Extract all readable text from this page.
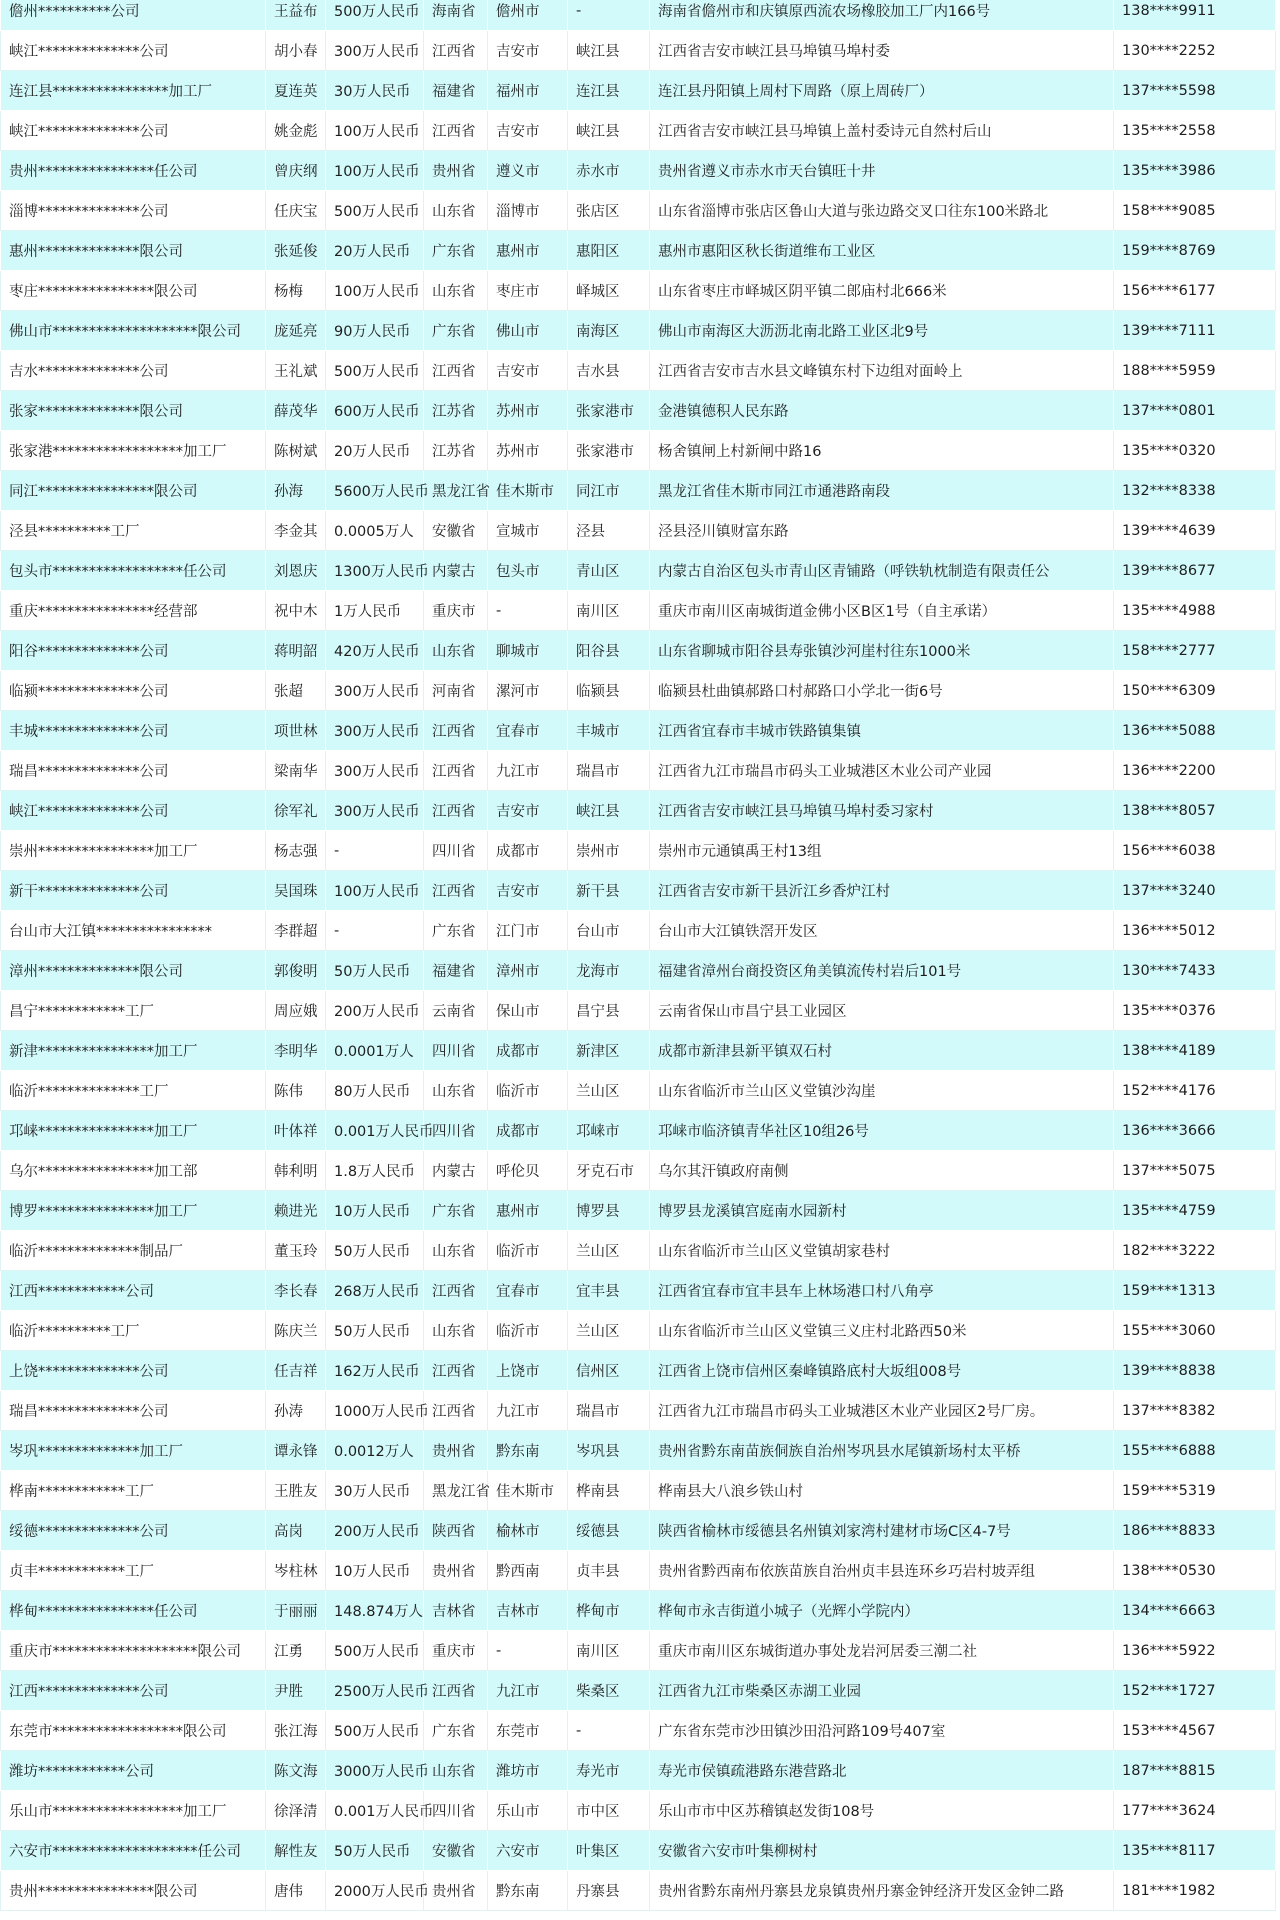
儋州**********公司	王益布	500万人民币	海南省	儋州市	-	海南省儋州市和庆镇原西流农场橡胶加工厂内166号	138****9911
峡江**************公司	胡小春	300万人民币	江西省	吉安市	峡江县	江西省吉安市峡江县马埠镇马埠村委	130****2252
连江县****************加工厂	夏连英	30万人民币	福建省	福州市	连江县	连江县丹阳镇上周村下周路（原上周砖厂）	137****5598
峡江**************公司	姚金彪	100万人民币	江西省	吉安市	峡江县	江西省吉安市峡江县马埠镇上盖村委诗元自然村后山	135****2558
贵州****************任公司	曾庆纲	100万人民币	贵州省	遵义市	赤水市	贵州省遵义市赤水市天台镇旺十井	135****3986
淄博**************公司	任庆宝	500万人民币	山东省	淄博市	张店区	山东省淄博市张店区鲁山大道与张边路交叉口往东100米路北	158****9085
惠州**************限公司	张延俊	20万人民币	广东省	惠州市	惠阳区	惠州市惠阳区秋长街道维布工业区	159****8769
枣庄****************限公司	杨梅	100万人民币	山东省	枣庄市	峄城区	山东省枣庄市峄城区阴平镇二郎庙村北666米	156****6177
佛山市********************限公司	庞延亮	90万人民币	广东省	佛山市	南海区	佛山市南海区大沥沥北南北路工业区北9号	139****7111
吉水**************公司	王礼斌	500万人民币	江西省	吉安市	吉水县	江西省吉安市吉水县文峰镇东村下边组对面岭上	188****5959
张家**************限公司	薛茂华	600万人民币	江苏省	苏州市	张家港市	金港镇德积人民东路	137****0801
张家港******************加工厂	陈树斌	20万人民币	江苏省	苏州市	张家港市	杨舍镇闸上村新闸中路16	135****0320
同江****************限公司	孙海	5600万人民币	黑龙江省	佳木斯市	同江市	黑龙江省佳木斯市同江市通港路南段	132****8338
泾县**********工厂	李金其	0.0005万人	安徽省	宣城市	泾县	泾县泾川镇财富东路	139****4639
包头市******************任公司	刘恩庆	1300万人民币	内蒙古	包头市	青山区	内蒙古自治区包头市青山区青铺路（呼铁轨枕制造有限责任公	139****8677
重庆****************经营部	祝中木	1万人民币	重庆市	-	南川区	重庆市南川区南城街道金佛小区B区1号（自主承诺）	135****4988
阳谷**************公司	蒋明韶	420万人民币	山东省	聊城市	阳谷县	山东省聊城市阳谷县寿张镇沙河崖村往东1000米	158****2777
临颍**************公司	张超	300万人民币	河南省	漯河市	临颍县	临颍县杜曲镇郝路口村郝路口小学北一街6号	150****6309
丰城**************公司	项世林	300万人民币	江西省	宜春市	丰城市	江西省宜春市丰城市铁路镇集镇	136****5088
瑞昌**************公司	梁南华	300万人民币	江西省	九江市	瑞昌市	江西省九江市瑞昌市码头工业城港区木业公司产业园	136****2200
峡江**************公司	徐军礼	300万人民币	江西省	吉安市	峡江县	江西省吉安市峡江县马埠镇马埠村委习家村	138****8057
崇州****************加工厂	杨志强	-	四川省	成都市	崇州市	崇州市元通镇禹王村13组	156****6038
新干**************公司	吴国珠	100万人民币	江西省	吉安市	新干县	江西省吉安市新干县沂江乡香炉江村	137****3240
台山市大江镇****************	李群超	-	广东省	江门市	台山市	台山市大江镇铁滘开发区	136****5012
漳州**************限公司	郭俊明	50万人民币	福建省	漳州市	龙海市	福建省漳州台商投资区角美镇流传村岩后101号	130****7433
昌宁************工厂	周应娥	200万人民币	云南省	保山市	昌宁县	云南省保山市昌宁县工业园区	135****0376
新津****************加工厂	李明华	0.0001万人	四川省	成都市	新津区	成都市新津县新平镇双石村	138****4189
临沂**************工厂	陈伟	80万人民币	山东省	临沂市	兰山区	山东省临沂市兰山区义堂镇沙沟崖	152****4176
邛崃****************加工厂	叶体祥	0.001万人民币	四川省	成都市	邛崃市	邛崃市临济镇青华社区10组26号	136****3666
乌尔****************加工部	韩利明	1.8万人民币	内蒙古	呼伦贝	牙克石市	乌尔其汗镇政府南侧	137****5075
博罗****************加工厂	赖进光	10万人民币	广东省	惠州市	博罗县	博罗县龙溪镇宫庭南水园新村	135****4759
临沂**************制品厂	董玉玲	50万人民币	山东省	临沂市	兰山区	山东省临沂市兰山区义堂镇胡家巷村	182****3222
江西************公司	李长春	268万人民币	江西省	宜春市	宜丰县	江西省宜春市宜丰县车上林场港口村八角亭	159****1313
临沂**********工厂	陈庆兰	50万人民币	山东省	临沂市	兰山区	山东省临沂市兰山区义堂镇三义庄村北路西50米	155****3060
上饶**************公司	任吉祥	162万人民币	江西省	上饶市	信州区	江西省上饶市信州区秦峰镇路底村大坂组008号	139****8838
瑞昌**************公司	孙涛	1000万人民币	江西省	九江市	瑞昌市	江西省九江市瑞昌市码头工业城港区木业产业园区2号厂房。	137****8382
岑巩**************加工厂	谭永锋	0.0012万人	贵州省	黔东南	岑巩县	贵州省黔东南苗族侗族自治州岑巩县水尾镇新场村太平桥	155****6888
桦南************工厂	王胜友	30万人民币	黑龙江省	佳木斯市	桦南县	桦南县大八浪乡铁山村	159****5319
绥德**************公司	高岗	200万人民币	陕西省	榆林市	绥德县	陕西省榆林市绥德县名州镇刘家湾村建材市场C区4-7号	186****8833
贞丰************工厂	岑柱林	10万人民币	贵州省	黔西南	贞丰县	贵州省黔西南布依族苗族自治州贞丰县连环乡巧岩村坡弄组	138****0530
桦甸****************任公司	于丽丽	148.874万人	吉林省	吉林市	桦甸市	桦甸市永吉街道小城子（光辉小学院内）	134****6663
重庆市********************限公司	江勇	500万人民币	重庆市	-	南川区	重庆市南川区东城街道办事处龙岩河居委三潮二社	136****5922
江西**************公司	尹胜	2500万人民币	江西省	九江市	柴桑区	江西省九江市柴桑区赤湖工业园	152****1727
东莞市******************限公司	张江海	500万人民币	广东省	东莞市	-	广东省东莞市沙田镇沙田沿河路109号407室	153****4567
潍坊************公司	陈文海	3000万人民币	山东省	潍坊市	寿光市	寿光市侯镇疏港路东港营路北	187****8815
乐山市******************加工厂	徐泽清	0.001万人民币	四川省	乐山市	市中区	乐山市市中区苏稽镇赵发街108号	177****3624
六安市********************任公司	解性友	50万人民币	安徽省	六安市	叶集区	安徽省六安市叶集柳树村	135****8117
贵州****************限公司	唐伟	2000万人民币	贵州省	黔东南	丹寨县	贵州省黔东南州丹寨县龙泉镇贵州丹寨金钟经济开发区金钟二路	181****1982
